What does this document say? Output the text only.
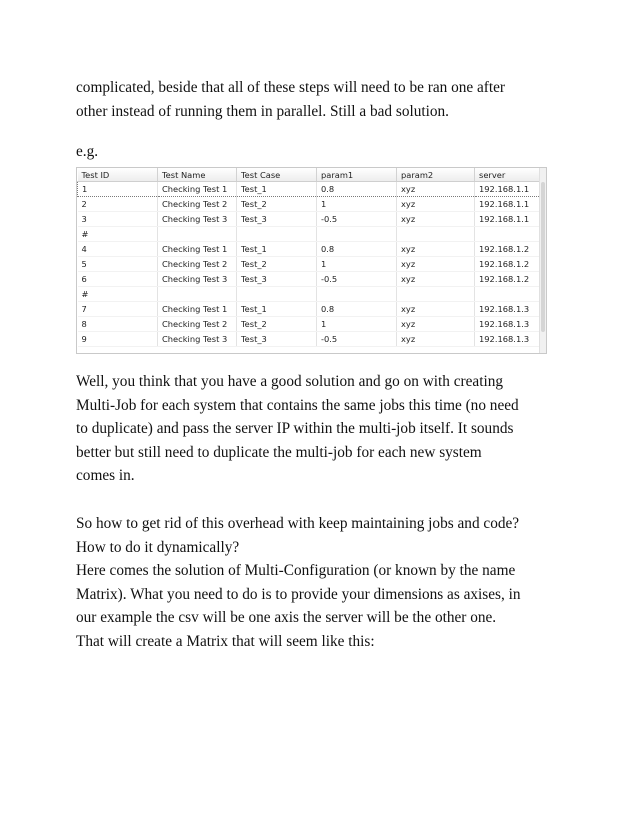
complicated, beside that all of these steps will need to be ran one after
other instead of running them in parallel. Still a bad solution.
e.g.
Test ID	Test Name	Test Case	param1	param2	server
1	Checking Test 1	Test_1	0.8	xyz	192.168.1.1
2	Checking Test 2	Test_2	1	xyz	192.168.1.1
3	Checking Test 3	Test_3	-0.5	xyz	192.168.1.1
#					
4	Checking Test 1	Test_1	0.8	xyz	192.168.1.2
5	Checking Test 2	Test_2	1	xyz	192.168.1.2
6	Checking Test 3	Test_3	-0.5	xyz	192.168.1.2
#					
7	Checking Test 1	Test_1	0.8	xyz	192.168.1.3
8	Checking Test 2	Test_2	1	xyz	192.168.1.3
9	Checking Test 3	Test_3	-0.5	xyz	192.168.1.3
Well, you think that you have a good solution and go on with creating
Multi-Job for each system that contains the same jobs this time (no need
to duplicate) and pass the server IP within the multi-job itself. It sounds
better but still need to duplicate the multi-job for each new system
comes in.
So how to get rid of this overhead with keep maintaining jobs and code?
How to do it dynamically?
Here comes the solution of Multi-Configuration (or known by the name
Matrix). What you need to do is to provide your dimensions as axises, in
our example the csv will be one axis the server will be the other one.
That will create a Matrix that will seem like this:
